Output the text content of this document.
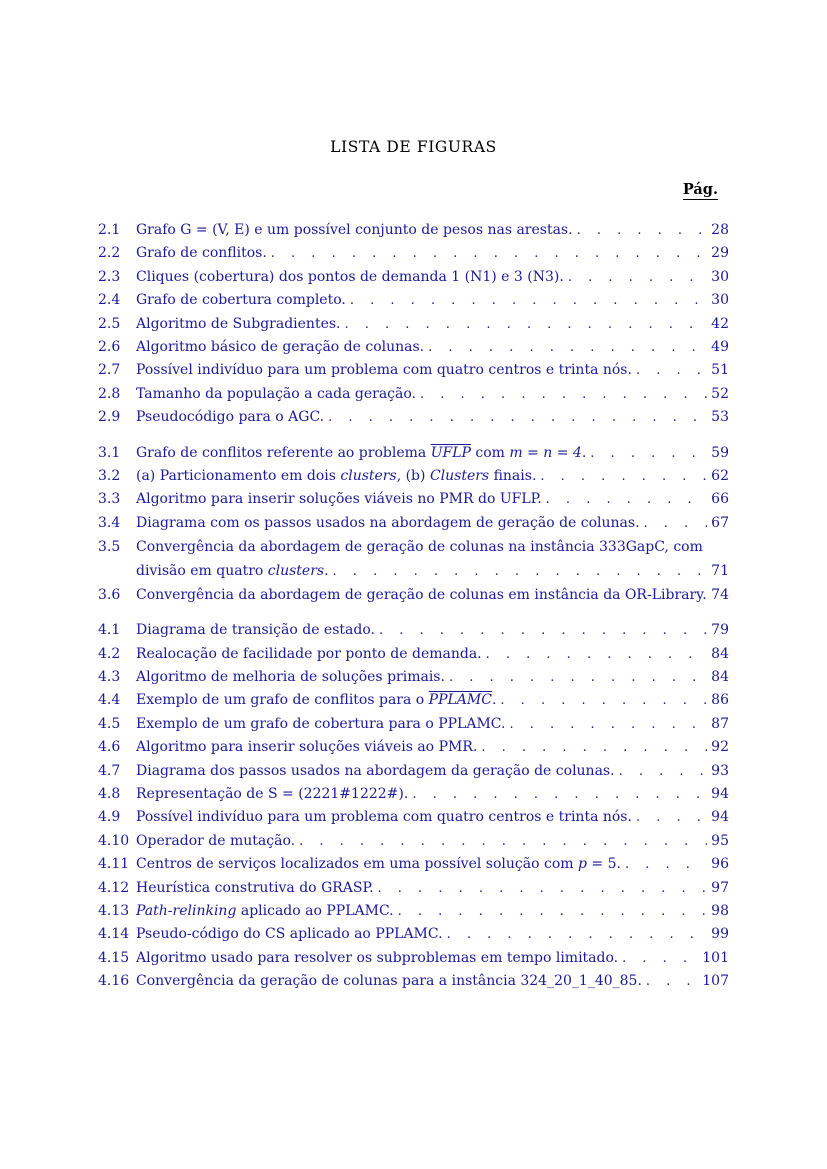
LISTA DE FIGURAS
Pág.
2.1	Grafo G = (V, E) e um possível conjunto de pesos nas arestas. . . .	28
2.2	Grafo de conflitos. . . .	29
2.3	Cliques (cobertura) dos pontos de demanda 1 (N1) e 3 (N3). . . .	30
2.4	Grafo de cobertura completo. . . .	30
2.5	Algoritmo de Subgradientes. . . .	42
2.6	Algoritmo básico de geração de colunas. . . .	49
2.7	Possível indivíduo para um problema com quatro centros e trinta nós. . . .	51
2.8	Tamanho da população a cada geração. . . .	52
2.9	Pseudocódigo para o AGC. . . .	53
3.1	Grafo de conflitos referente ao problema UFLP com m = n = 4. . . .	59
3.2	(a) Particionamento em dois clusters, (b) Clusters finais. . . .	62
3.3	Algoritmo para inserir soluções viáveis no PMR do UFLP. . . .	66
3.4	Diagrama com os passos usados na abordagem de geração de colunas. . . .	67
3.5	Convergência da abordagem de geração de colunas na instância 333GapC, com
divisão em quatro clusters. . . .	71
3.6	Convergência da abordagem de geração de colunas em instância da OR-Library. . . . 74
4.1	Diagrama de transição de estado. . . .	79
4.2	Realocação de facilidade por ponto de demanda. . . .	84
4.3	Algoritmo de melhoria de soluções primais. . . .	84
4.4	Exemplo de um grafo de conflitos para o PPLAMC. . . .	86
4.5	Exemplo de um grafo de cobertura para o PPLAMC. . . .	87
4.6	Algoritmo para inserir soluções viáveis ao PMR. . . .	92
4.7	Diagrama dos passos usados na abordagem da geração de colunas. . . .	93
4.8	Representação de S = (2221#1222#). . . .	94
4.9	Possível indivíduo para um problema com quatro centros e trinta nós. . . .	94
4.10 Operador de mutação. . . .	95
4.11 Centros de serviços localizados em uma possível solução com p = 5. . . .	96
4.12 Heurística construtiva do GRASP. . . .	97
4.13 Path-relinking aplicado ao PPLAMC. . . .	98
4.14 Pseudo-código do CS aplicado ao PPLAMC. . . .	99
4.15 Algoritmo usado para resolver os subproblemas em tempo limitado. . . .	101
4.16 Convergência da geração de colunas para a instância 324_20_1_40_85. . . .	107
